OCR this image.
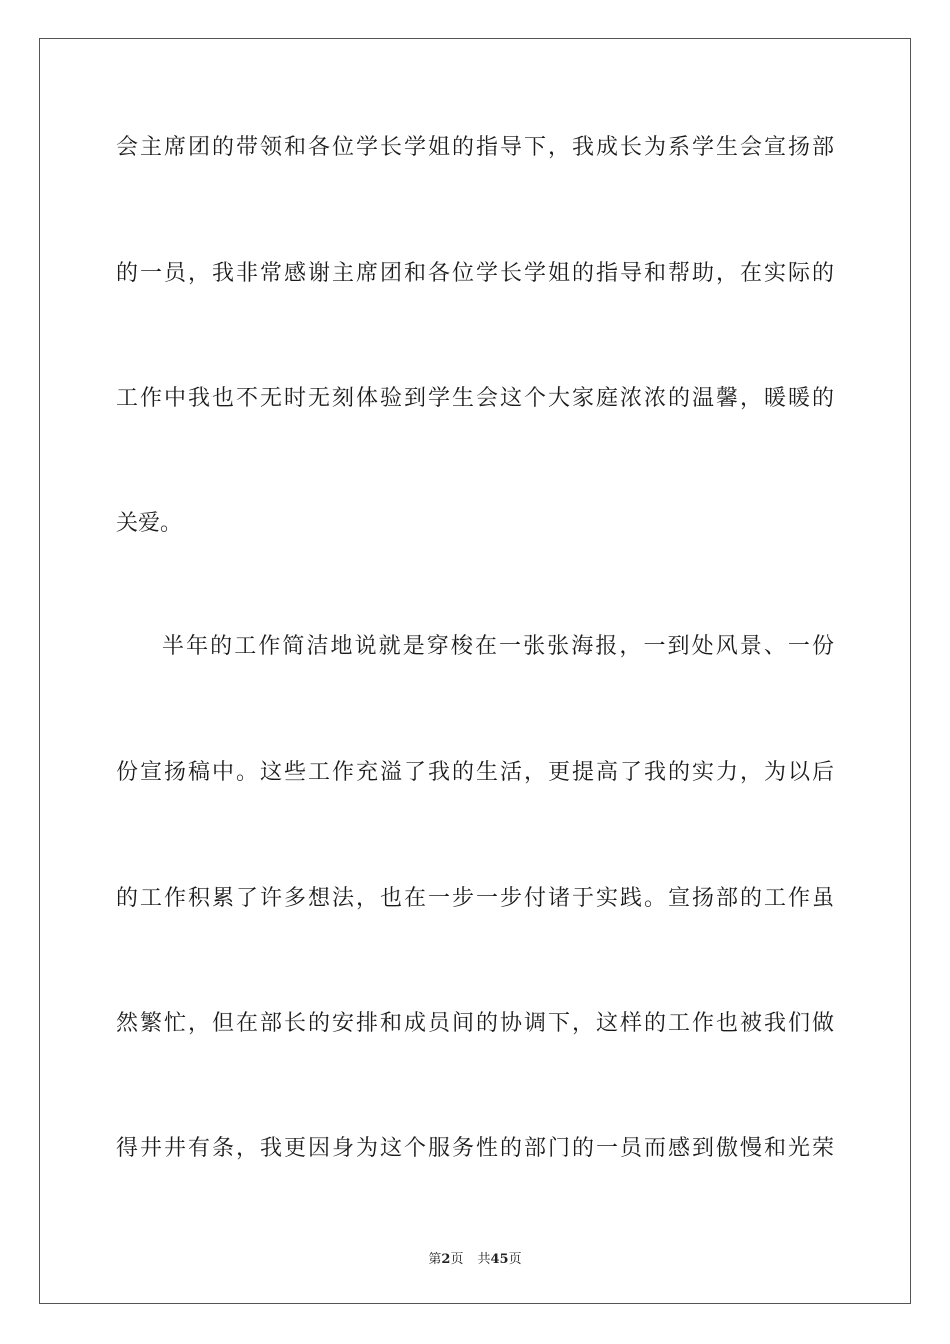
会主席团的带领和各位学长学姐的指导下，我成长为系学生会宣扬部

的一员，我非常感谢主席团和各位学长学姐的指导和帮助，在实际的

工作中我也不无时无刻体验到学生会这个大家庭浓浓的温馨，暖暖的

关爱。

半年的工作简洁地说就是穿梭在一张张海报，一到处风景、一份

份宣扬稿中。这些工作充溢了我的生活，更提高了我的实力，为以后

的工作积累了许多想法，也在一步一步付诸于实践。宣扬部的工作虽

然繁忙，但在部长的安排和成员间的协调下，这样的工作也被我们做

得井井有条，我更因身为这个服务性的部门的一员而感到傲慢和光荣

第2页 共45页
